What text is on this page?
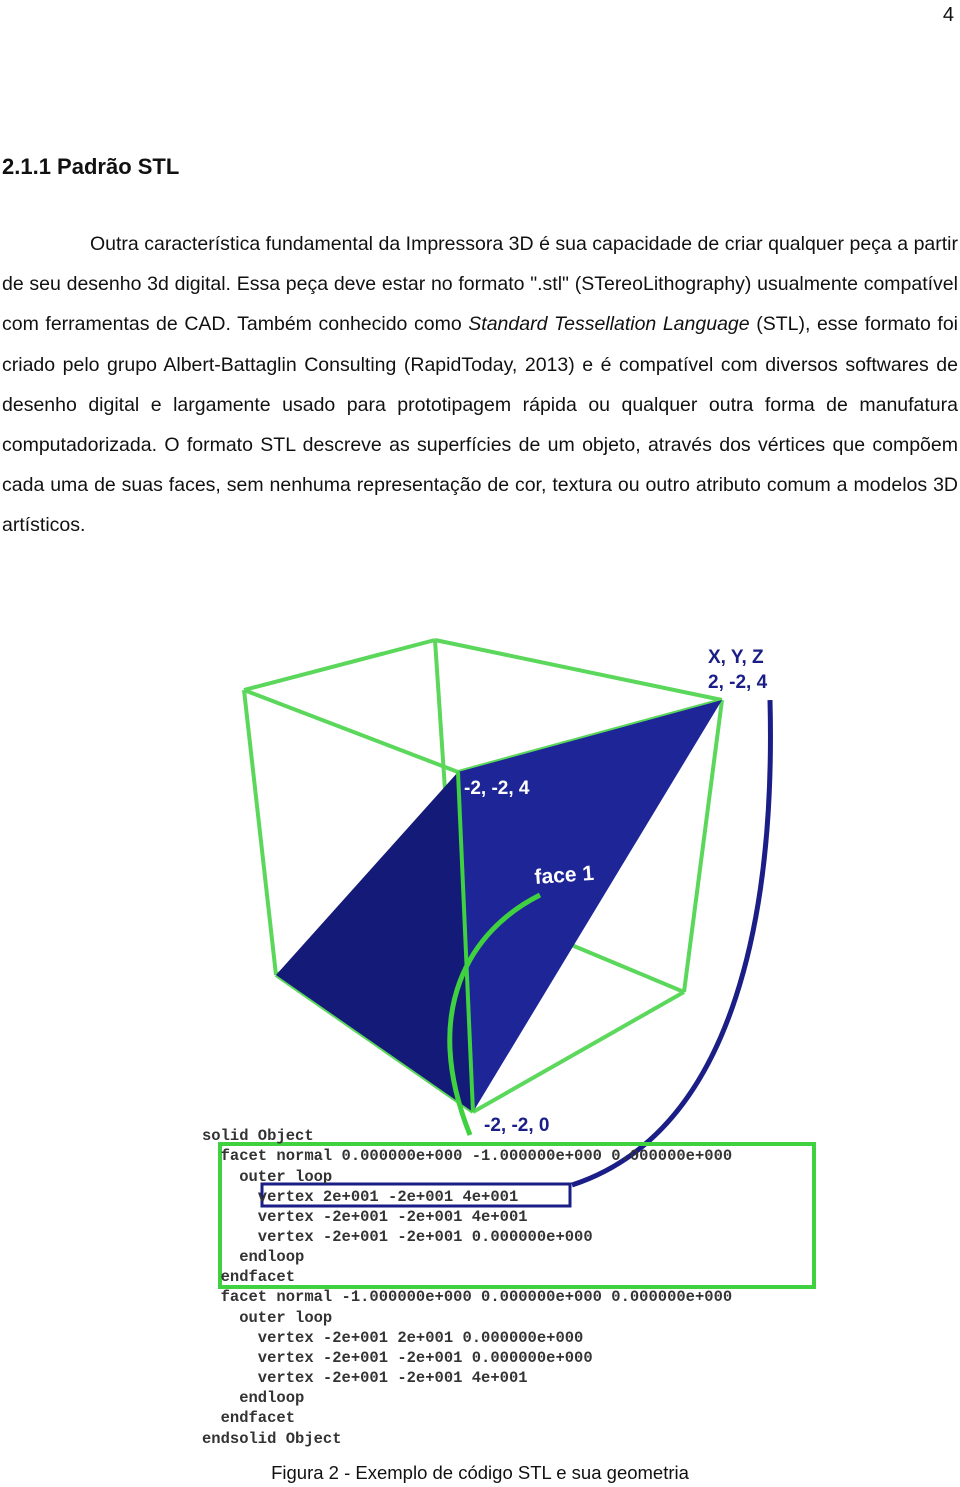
4
2.1.1 Padrão STL

Outra característica fundamental da Impressora 3D é sua capacidade de criar qualquer peça a partir de seu desenho 3d digital. Essa peça deve estar no formato ".stl" (STereoLithography) usualmente compatível com ferramentas de CAD. Também conhecido como Standard Tessellation Language (STL), esse formato foi criado pelo grupo Albert-Battaglin Consulting (RapidToday, 2013) e é compatível com diversos softwares de desenho digital e largamente usado para prototipagem rápida ou qualquer outra forma de manufatura computadorizada. O formato STL descreve as superfícies de um objeto, através dos vértices que compõem cada uma de suas faces, sem nenhuma representação de cor, textura ou outro atributo comum a modelos 3D artísticos.

X, Y, Z
2, -2, 4
-2, -2, 4
face 1
-2, -2, 0
solid Object
facet normal 0.000000e+000 -1.000000e+000 0.000000e+000
outer loop
vertex 2e+001 -2e+001 4e+001
vertex -2e+001 -2e+001 4e+001
vertex -2e+001 -2e+001 0.000000e+000
endloop
endfacet
facet normal -1.000000e+000 0.000000e+000 0.000000e+000
outer loop
vertex -2e+001 2e+001 0.000000e+000
vertex -2e+001 -2e+001 0.000000e+000
vertex -2e+001 -2e+001 4e+001
endloop
endfacet
endsolid Object
Figura 2 - Exemplo de código STL e sua geometria
